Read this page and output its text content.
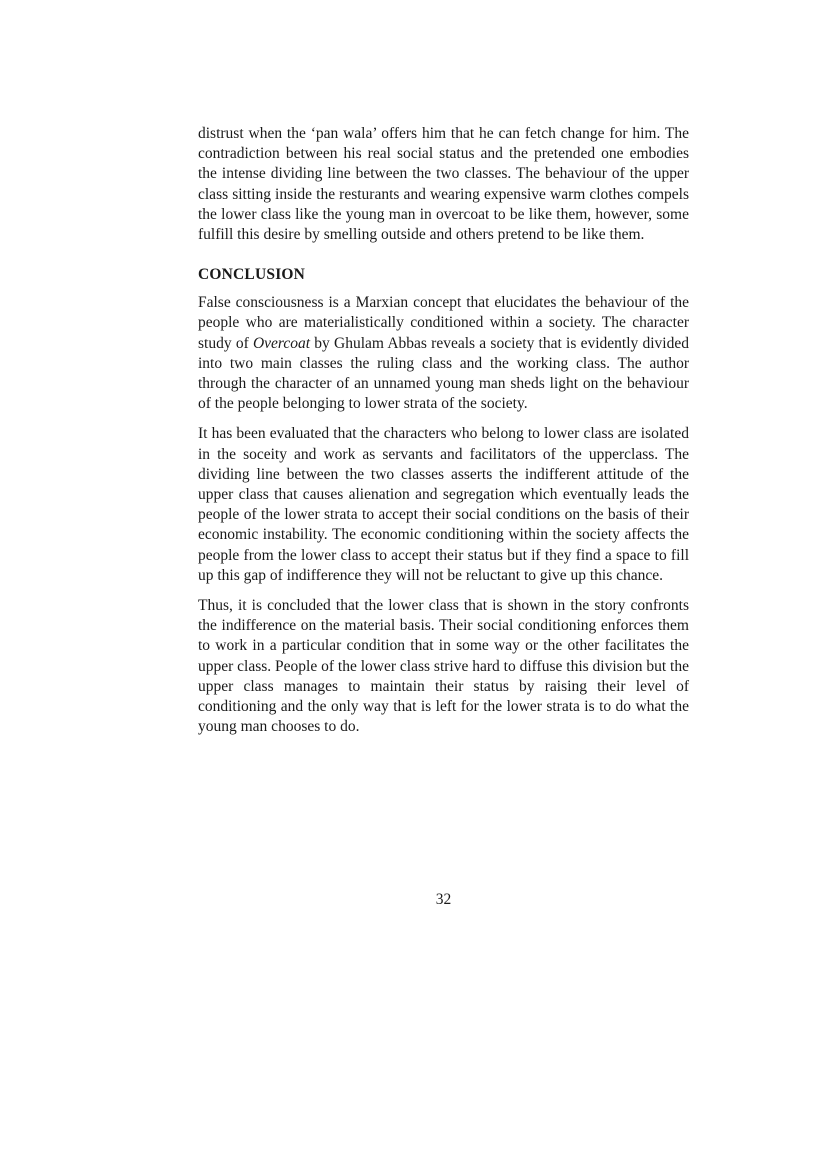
distrust when the ‘pan wala’ offers him that he can fetch change for him. The contradiction between his real social status and the pretended one embodies the intense dividing line between the two classes. The behaviour of the upper class sitting inside the resturants and wearing expensive warm clothes compels the lower class like the young man in overcoat to be like them, however, some fulfill this desire by smelling outside and others pretend to be like them.

CONCLUSION

False consciousness is a Marxian concept that elucidates the behaviour of the people who are materialistically conditioned within a society. The character study of Overcoat by Ghulam Abbas reveals a society that is evidently divided into two main classes the ruling class and the working class. The author through the character of an unnamed young man sheds light on the behaviour of the people belonging to lower strata of the society.

It has been evaluated that the characters who belong to lower class are isolated in the soceity and work as servants and facilitators of the upperclass. The dividing line between the two classes asserts the indifferent attitude of the upper class that causes alienation and segregation which eventually leads the people of the lower strata to accept their social conditions on the basis of their economic instability. The economic conditioning within the society affects the people from the lower class to accept their status but if they find a space to fill up this gap of indifference they will not be reluctant to give up this chance.

Thus, it is concluded that the lower class that is shown in the story confronts the indifference on the material basis. Their social conditioning enforces them to work in a particular condition that in some way or the other facilitates the upper class. People of the lower class strive hard to diffuse this division but the upper class manages to maintain their status by raising their level of conditioning and the only way that is left for the lower strata is to do what the young man chooses to do.

32
